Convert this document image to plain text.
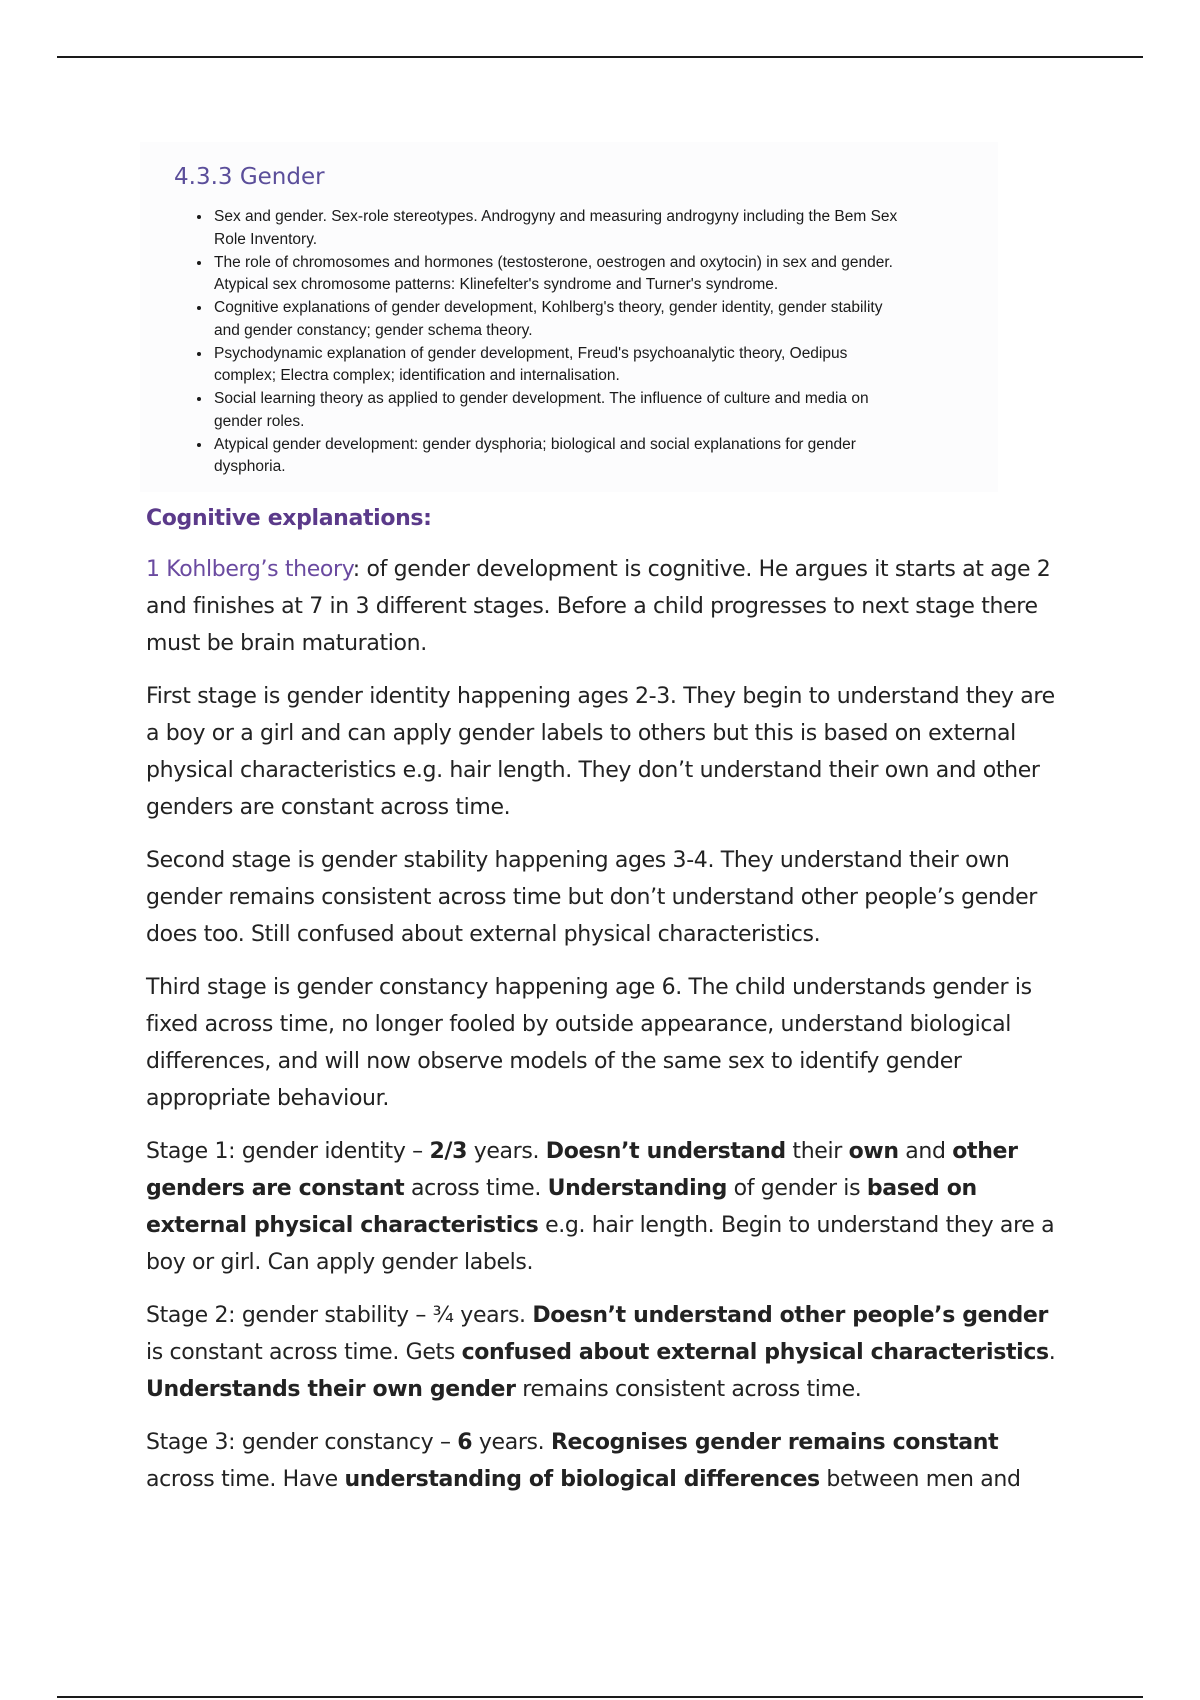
4.3.3 Gender
• Sex and gender. Sex-role stereotypes. Androgyny and measuring androgyny including the Bem Sex Role Inventory.
• The role of chromosomes and hormones (testosterone, oestrogen and oxytocin) in sex and gender. Atypical sex chromosome patterns: Klinefelter's syndrome and Turner's syndrome.
• Cognitive explanations of gender development, Kohlberg's theory, gender identity, gender stability and gender constancy; gender schema theory.
• Psychodynamic explanation of gender development, Freud's psychoanalytic theory, Oedipus complex; Electra complex; identification and internalisation.
• Social learning theory as applied to gender development. The influence of culture and media on gender roles.
• Atypical gender development: gender dysphoria; biological and social explanations for gender dysphoria.

Cognitive explanations:

1 Kohlberg’s theory: of gender development is cognitive. He argues it starts at age 2 and finishes at 7 in 3 different stages. Before a child progresses to next stage there must be brain maturation.

First stage is gender identity happening ages 2-3. They begin to understand they are a boy or a girl and can apply gender labels to others but this is based on external physical characteristics e.g. hair length. They don’t understand their own and other genders are constant across time.

Second stage is gender stability happening ages 3-4. They understand their own gender remains consistent across time but don’t understand other people’s gender does too. Still confused about external physical characteristics.

Third stage is gender constancy happening age 6. The child understands gender is fixed across time, no longer fooled by outside appearance, understand biological differences, and will now observe models of the same sex to identify gender appropriate behaviour.

Stage 1: gender identity – 2/3 years. Doesn’t understand their own and other genders are constant across time. Understanding of gender is based on external physical characteristics e.g. hair length. Begin to understand they are a boy or girl. Can apply gender labels.

Stage 2: gender stability – ¾ years. Doesn’t understand other people’s gender is constant across time. Gets confused about external physical characteristics. Understands their own gender remains consistent across time.

Stage 3: gender constancy – 6 years. Recognises gender remains constant across time. Have understanding of biological differences between men and
